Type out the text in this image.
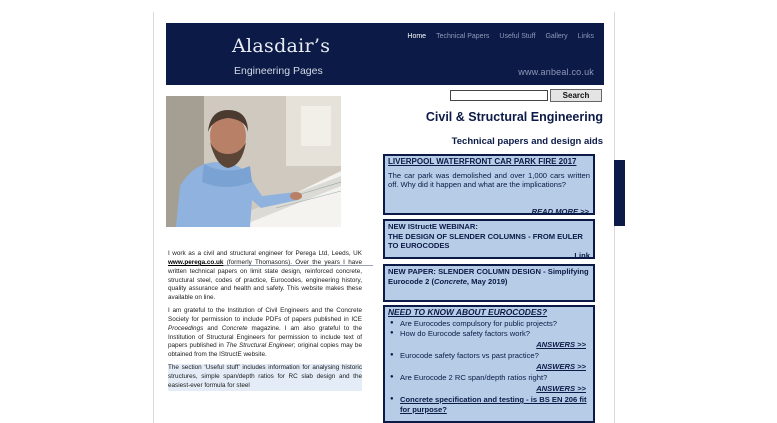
Alasdair’s
Engineering Pages
Home Technical Papers Useful Stuff Gallery Links
www.anbeal.co.uk
Search

I work as a civil and structural engineer for Perega Ltd, Leeds, UK www.perega.co.uk (formerly Thomasons). Over the years I have written technical papers on limit state design, reinforced concrete, structural steel, codes of practice, Eurocodes, engineering history, quality assurance and health and safety. This website makes these available on line.

I am grateful to the Institution of Civil Engineers and the Concrete Society for permission to include PDFs of papers published in ICE Proceedings and Concrete magazine. I am also grateful to the Institution of Structural Engineers for permission to include text of papers published in The Structural Engineer; original copies may be obtained from the IStructE website.

The section ‘Useful stuff’ includes information for analysing historic structures, simple span/depth ratios for RC slab design and the easiest-ever formula for steel

Civil & Structural Engineering
Technical papers and design aids
LIVERPOOL WATERFRONT CAR PARK FIRE 2017
The car park was demolished and over 1,000 cars written off. Why did it happen and what are the implications?
READ MORE >>
NEW IStructE WEBINAR:
THE DESIGN OF SLENDER COLUMNS - FROM EULER TO EUROCODES
Link
NEW PAPER: SLENDER COLUMN DESIGN - Simplifying Eurocode 2 (Concrete, May 2019)
NEED TO KNOW ABOUT EUROCODES?
● Are Eurocodes compulsory for public projects?
● How do Eurocode safety factors work?
ANSWERS >>
● Eurocode safety factors vs past practice?
ANSWERS >>
● Are Eurocode 2 RC span/depth ratios right?
ANSWERS >>
● Concrete specification and testing - is BS EN 206 fit for purpose?
